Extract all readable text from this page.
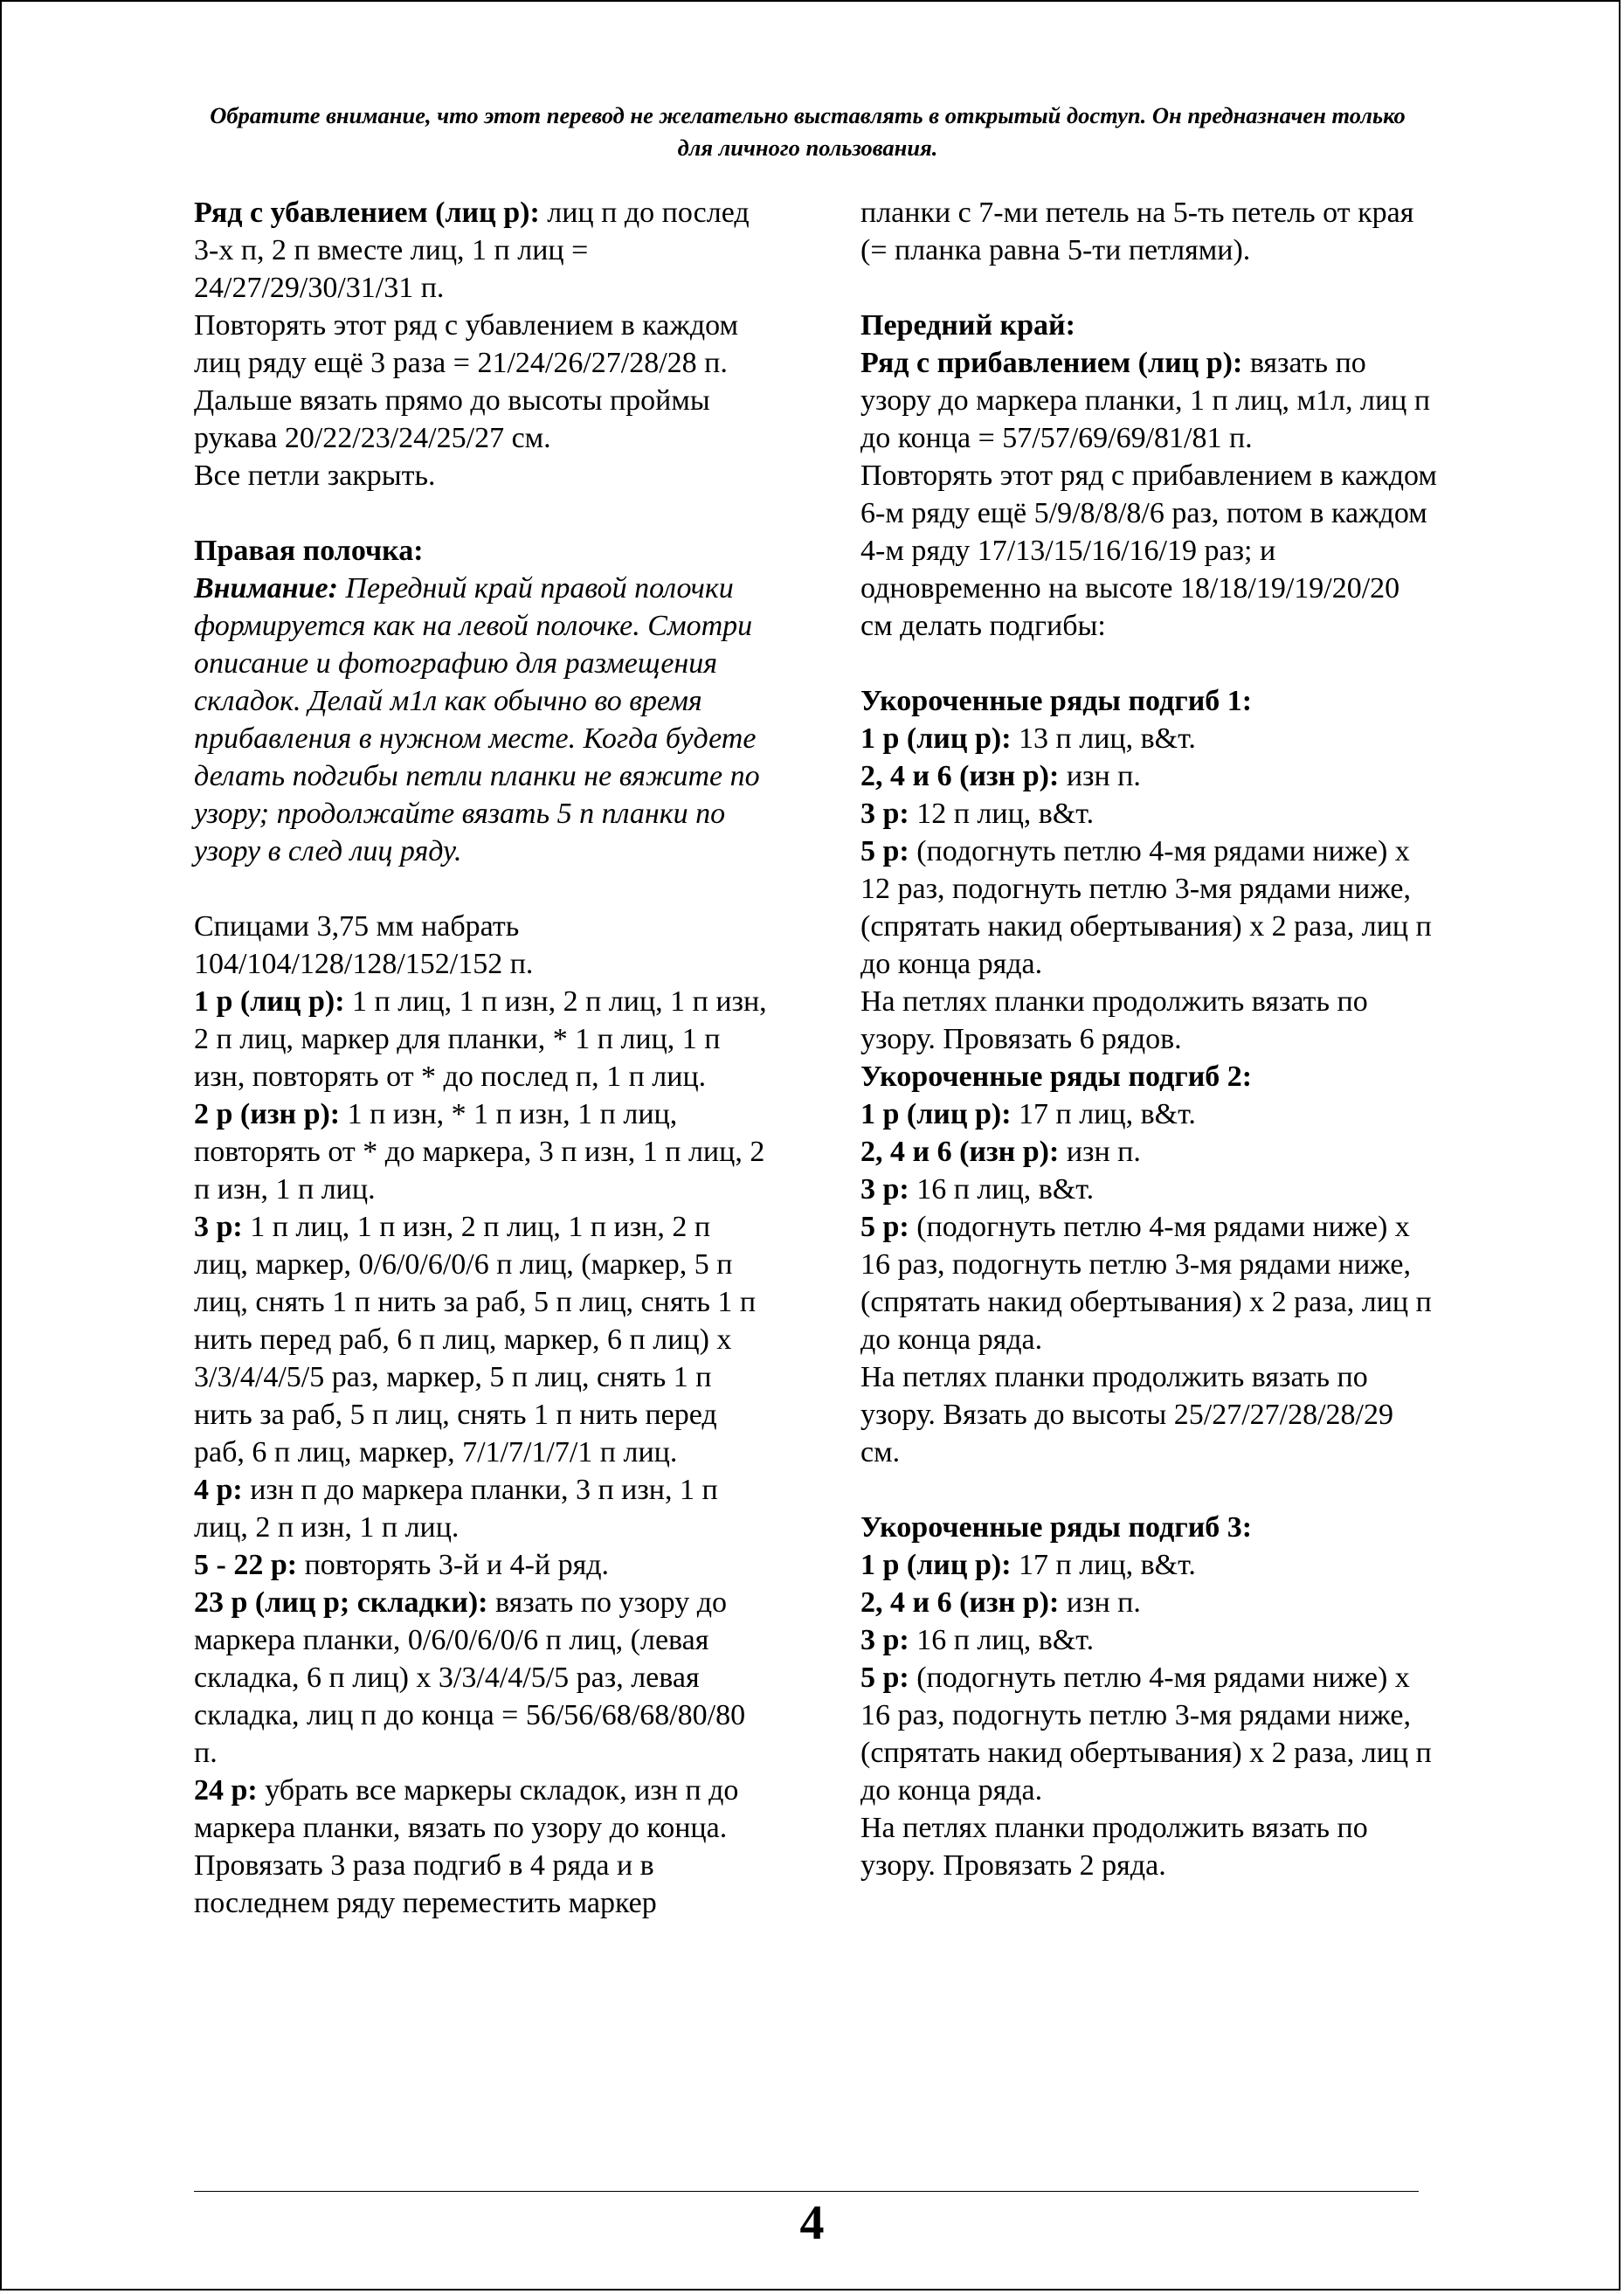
Обратите внимание, что этот перевод не желательно выставлять в открытый доступ. Он предназначен только для личного пользования.

Ряд с убавлением (лиц р): лиц п до послед 3-х п, 2 п вместе лиц, 1 п лиц = 24/27/29/30/31/31 п.

Повторять этот ряд с убавлением в каждом лиц ряду ещё 3 раза = 21/24/26/27/28/28 п.

Дальше вязать прямо до высоты проймы рукава 20/22/23/24/25/27 см.

Все петли закрыть.

Правая полочка:

Внимание: Передний край правой полочки формируется как на левой полочке. Смотри описание и фотографию для размещения складок. Делай м1л как обычно во время прибавления в нужном месте. Когда будете делать подгибы петли планки не вяжите по узору; продолжайте вязать 5 п планки по узору в след лиц ряду.

Спицами 3,75 мм набрать 104/104/128/128/152/152 п.

1 р (лиц р): 1 п лиц, 1 п изн, 2 п лиц, 1 п изн, 2 п лиц, маркер для планки, * 1 п лиц, 1 п изн, повторять от * до послед п, 1 п лиц.

2 р (изн р): 1 п изн, * 1 п изн, 1 п лиц, повторять от * до маркера, 3 п изн, 1 п лиц, 2 п изн, 1 п лиц.

3 р: 1 п лиц, 1 п изн, 2 п лиц, 1 п изн, 2 п лиц, маркер, 0/6/0/6/0/6 п лиц, (маркер, 5 п лиц, снять 1 п нить за раб, 5 п лиц, снять 1 п нить перед раб, 6 п лиц, маркер, 6 п лиц) х 3/3/4/4/5/5 раз, маркер, 5 п лиц, снять 1 п нить за раб, 5 п лиц, снять 1 п нить перед раб, 6 п лиц, маркер, 7/1/7/1/7/1 п лиц.

4 р: изн п до маркера планки, 3 п изн, 1 п лиц, 2 п изн, 1 п лиц.

5 - 22 р: повторять 3-й и 4-й ряд.

23 р (лиц р; складки): вязать по узору до маркера планки, 0/6/0/6/0/6 п лиц, (левая складка, 6 п лиц) х 3/3/4/4/5/5 раз, левая складка, лиц п до конца = 56/56/68/68/80/80 п.

24 р: убрать все маркеры складок, изн п до маркера планки, вязать по узору до конца.

Провязать 3 раза подгиб в 4 ряда и в последнем ряду переместить маркер

планки с 7-ми петель на 5-ть петель от края (= планка равна 5-ти петлями).

Передний край:

Ряд с прибавлением (лиц р): вязать по узору до маркера планки, 1 п лиц, м1л, лиц п до конца = 57/57/69/69/81/81 п.

Повторять этот ряд с прибавлением в каждом 6-м ряду ещё 5/9/8/8/8/6 раз, потом в каждом 4-м ряду 17/13/15/16/16/19 раз; и одновременно на высоте 18/18/19/19/20/20 см делать подгибы:

Укороченные ряды подгиб 1:

1 р (лиц р): 13 п лиц, в&т.

2, 4 и 6 (изн р): изн п.

3 р: 12 п лиц, в&т.

5 р: (подогнуть петлю 4-мя рядами ниже) х 12 раз, подогнуть петлю 3-мя рядами ниже, (спрятать накид обертывания) х 2 раза, лиц п до конца ряда.

На петлях планки продолжить вязать по узору. Провязать 6 рядов.

Укороченные ряды подгиб 2:

1 р (лиц р): 17 п лиц, в&т.

2, 4 и 6 (изн р): изн п.

3 р: 16 п лиц, в&т.

5 р: (подогнуть петлю 4-мя рядами ниже) х 16 раз, подогнуть петлю 3-мя рядами ниже, (спрятать накид обертывания) х 2 раза, лиц п до конца ряда.

На петлях планки продолжить вязать по узору. Вязать до высоты 25/27/27/28/28/29 см.

Укороченные ряды подгиб 3:

1 р (лиц р): 17 п лиц, в&т.

2, 4 и 6 (изн р): изн п.

3 р: 16 п лиц, в&т.

5 р: (подогнуть петлю 4-мя рядами ниже) х 16 раз, подогнуть петлю 3-мя рядами ниже, (спрятать накид обертывания) х 2 раза, лиц п до конца ряда.

На петлях планки продолжить вязать по узору. Провязать 2 ряда.

4
